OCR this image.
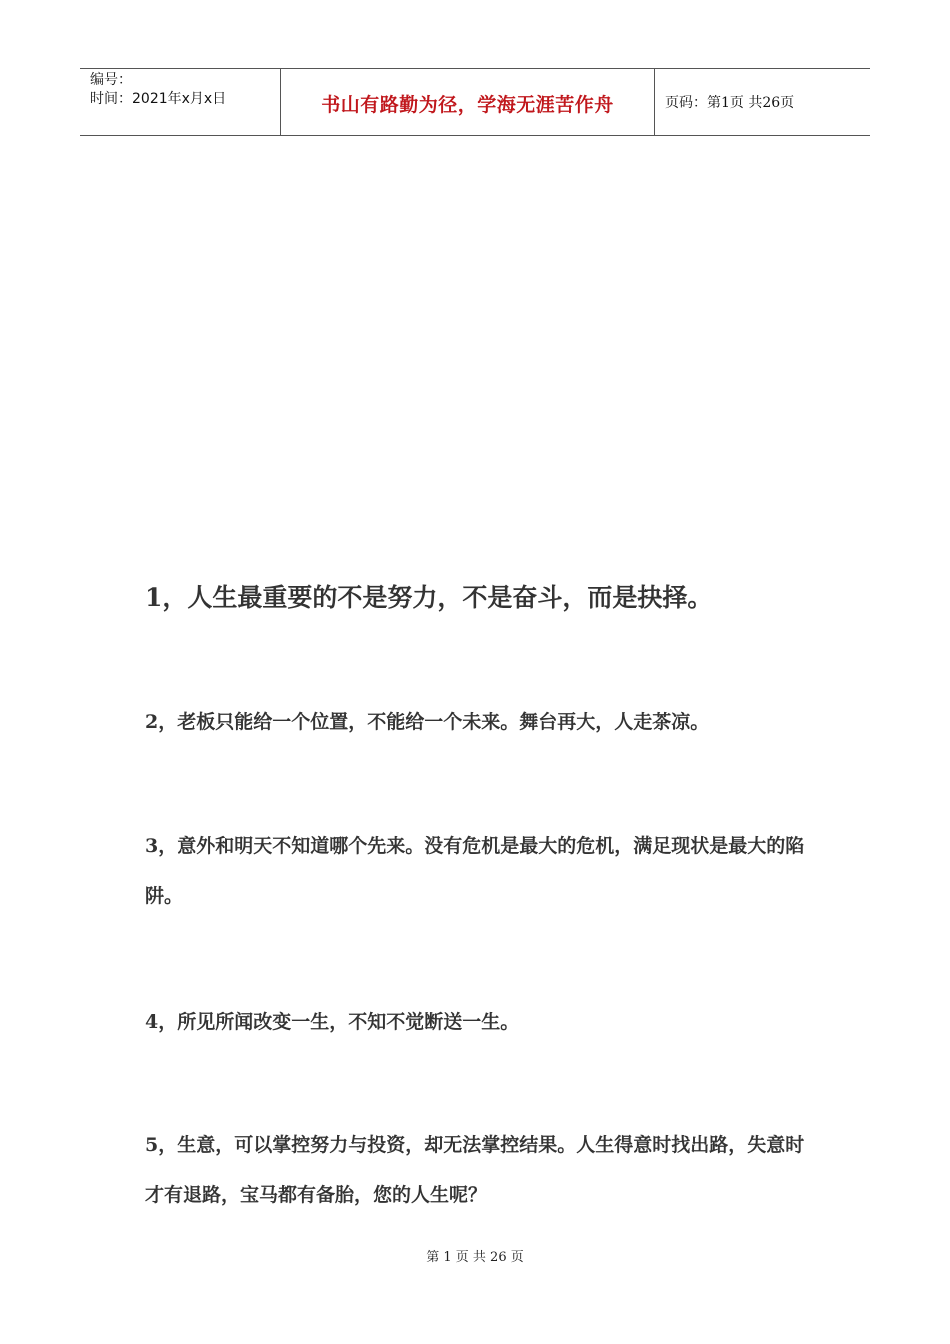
编号：
时间：2021年x月x日	书山有路勤为径，学海无涯苦作舟	页码：第1页 共26页

1，人生最重要的不是努力，不是奋斗，而是抉择。

2，老板只能给一个位置，不能给一个未来。舞台再大，人走茶凉。

3，意外和明天不知道哪个先来。没有危机是最大的危机，满足现状是最大的陷阱。

4，所见所闻改变一生，不知不觉断送一生。

5，生意，可以掌控努力与投资，却无法掌控结果。人生得意时找出路，失意时才有退路，宝马都有备胎，您的人生呢？

第 1 页 共 26 页
